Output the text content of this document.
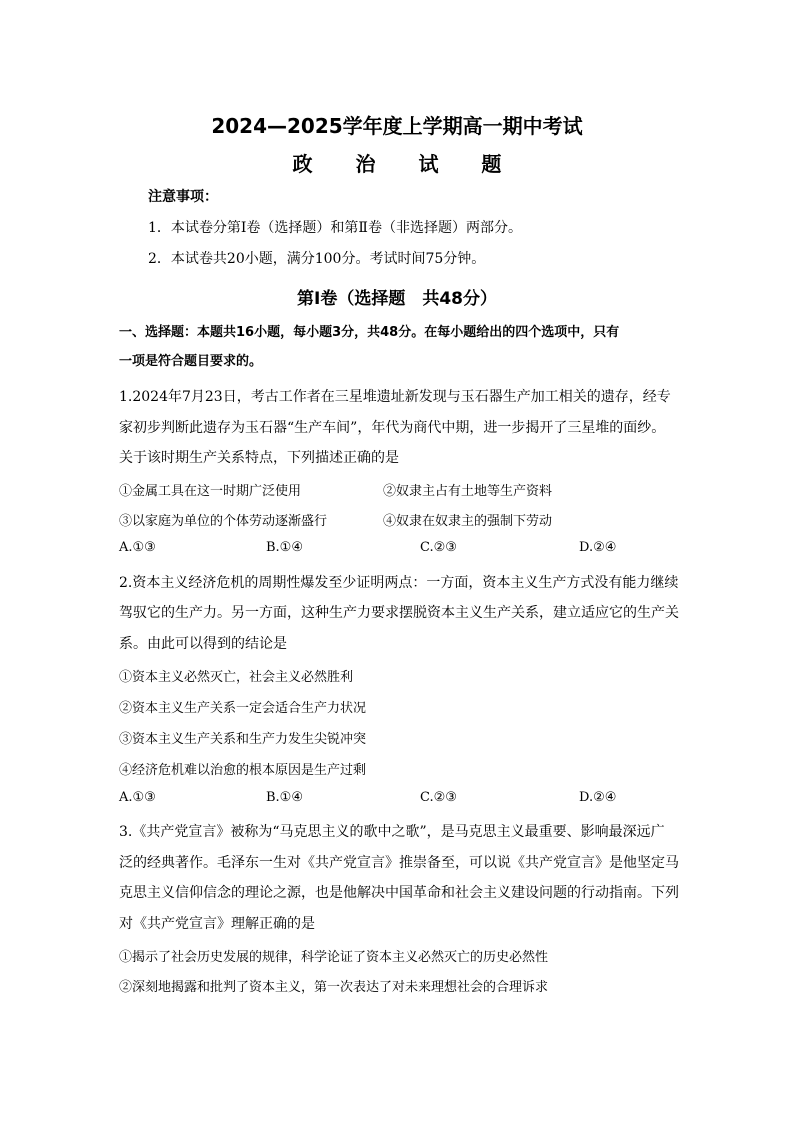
2024—2025学年度上学期高一期中考试
政 治 试 题
注意事项：
1．本试卷分第Ⅰ卷（选择题）和第Ⅱ卷（非选择题）两部分。
2．本试卷共20小题，满分100分。考试时间75分钟。
第Ⅰ卷（选择题　共48分）
一、选择题：本题共16小题，每小题3分，共48分。在每小题给出的四个选项中，只有
一项是符合题目要求的。
1.2024年7月23日，考古工作者在三星堆遗址新发现与玉石器生产加工相关的遗存，经专
家初步判断此遗存为玉石器“生产车间”，年代为商代中期，进一步揭开了三星堆的面纱。
关于该时期生产关系特点，下列描述正确的是
①金属工具在这一时期广泛使用	②奴隶主占有土地等生产资料
③以家庭为单位的个体劳动逐渐盛行	④奴隶在奴隶主的强制下劳动
A.①③	B.①④	C.②③	D.②④
2.资本主义经济危机的周期性爆发至少证明两点：一方面，资本主义生产方式没有能力继续
驾驭它的生产力。另一方面，这种生产力要求摆脱资本主义生产关系，建立适应它的生产关
系。由此可以得到的结论是
①资本主义必然灭亡，社会主义必然胜利
②资本主义生产关系一定会适合生产力状况
③资本主义生产关系和生产力发生尖锐冲突
④经济危机难以治愈的根本原因是生产过剩
A.①③	B.①④	C.②③	D.②④
3.《共产党宣言》被称为“马克思主义的歌中之歌”，是马克思主义最重要、影响最深远广
泛的经典著作。毛泽东一生对《共产党宣言》推崇备至，可以说《共产党宣言》是他坚定马
克思主义信仰信念的理论之源，也是他解决中国革命和社会主义建设问题的行动指南。下列
对《共产党宣言》理解正确的是
①揭示了社会历史发展的规律，科学论证了资本主义必然灭亡的历史必然性
②深刻地揭露和批判了资本主义，第一次表达了对未来理想社会的合理诉求
